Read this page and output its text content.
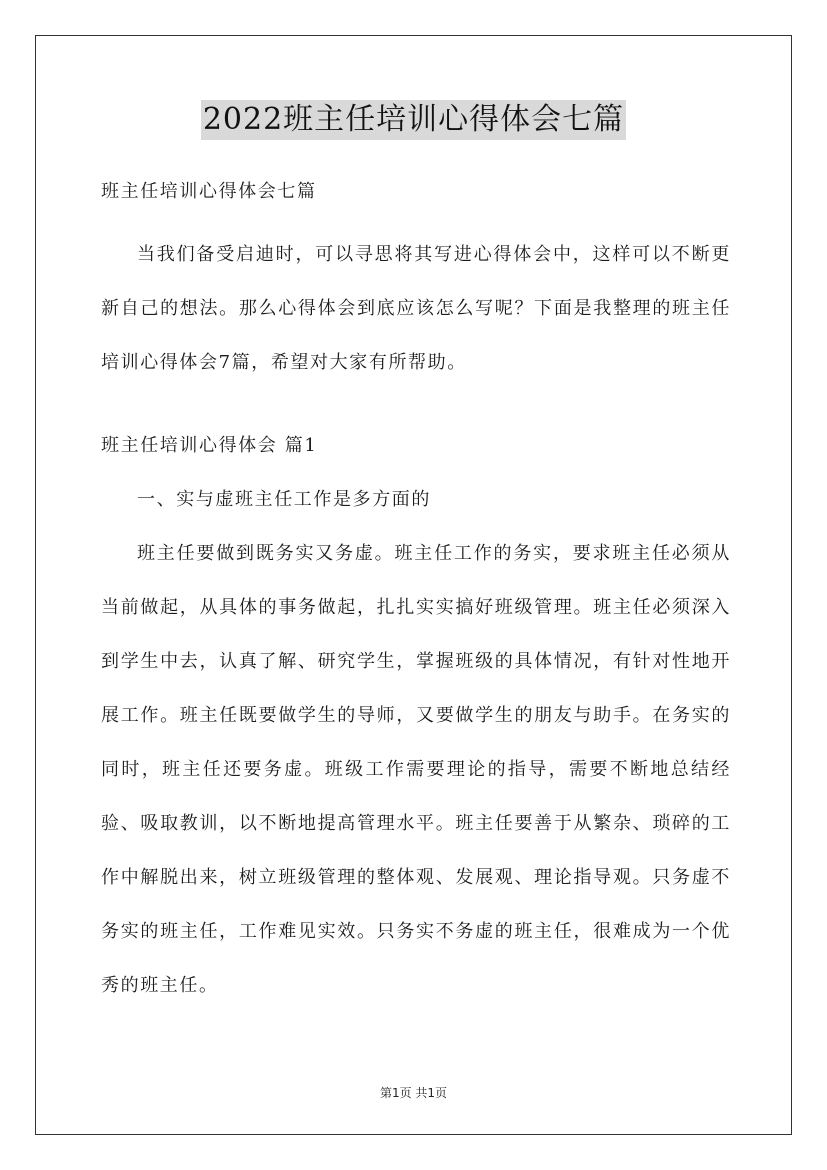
2022班主任培训心得体会七篇

班主任培训心得体会七篇

当我们备受启迪时，可以寻思将其写进心得体会中，这样可以不断更新自己的想法。那么心得体会到底应该怎么写呢？下面是我整理的班主任培训心得体会7篇，希望对大家有所帮助。

班主任培训心得体会 篇1

一、实与虚班主任工作是多方面的

班主任要做到既务实又务虚。班主任工作的务实，要求班主任必须从当前做起，从具体的事务做起，扎扎实实搞好班级管理。班主任必须深入到学生中去，认真了解、研究学生，掌握班级的具体情况，有针对性地开展工作。班主任既要做学生的导师，又要做学生的朋友与助手。在务实的同时，班主任还要务虚。班级工作需要理论的指导，需要不断地总结经验、吸取教训，以不断地提高管理水平。班主任要善于从繁杂、琐碎的工作中解脱出来，树立班级管理的整体观、发展观、理论指导观。只务虚不务实的班主任，工作难见实效。只务实不务虚的班主任，很难成为一个优秀的班主任。

第1页 共1页
